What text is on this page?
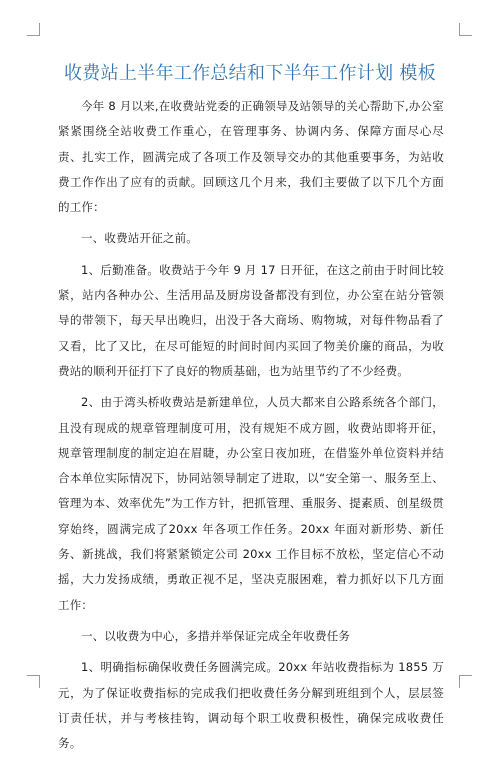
收费站上半年工作总结和下半年工作计划 模板

今年 8 月以来,在收费站党委的正确领导及站领导的关心帮助下,办公室紧紧围绕全站收费工作重心，在管理事务、协调内务、保障方面尽心尽责、扎实工作，圆满完成了各项工作及领导交办的其他重要事务，为站收费工作作出了应有的贡献。回顾这几个月来，我们主要做了以下几个方面的工作：

一、收费站开征之前。

1、后勤准备。收费站于今年 9 月 17 日开征，在这之前由于时间比较紧，站内各种办公、生活用品及厨房设备都没有到位，办公室在站分管领导的带领下，每天早出晚归，出没于各大商场、购物城，对每件物品看了又看，比了又比，在尽可能短的时间时间内买回了物美价廉的商品，为收费站的顺利开征打下了良好的物质基础，也为站里节约了不少经费。

2、由于湾头桥收费站是新建单位，人员大都来自公路系统各个部门，且没有现成的规章管理制度可用，没有规矩不成方圆，收费站即将开征，规章管理制度的制定迫在眉睫，办公室日夜加班，在借鉴外单位资料并结合本单位实际情况下，协同站领导制定了进取，以“安全第一、服务至上、管理为本、效率优先”为工作方针，把抓管理、重服务、提素质、创星级贯穿始终，圆满完成了20xx 年各项工作任务。20xx 年面对新形势、新任务、新挑战，我们将紧紧锁定公司 20xx 工作目标不放松，坚定信心不动摇，大力发扬成绩，勇敢正视不足，坚决克服困难，着力抓好以下几方面工作：

一、以收费为中心，多措并举保证完成全年收费任务

1、明确指标确保收费任务圆满完成。20xx 年站收费指标为 1855 万元，为了保证收费指标的完成我们把收费任务分解到班组到个人，层层签订责任状，并与考核挂钩，调动每个职工收费积极性，确保完成收费任务。
